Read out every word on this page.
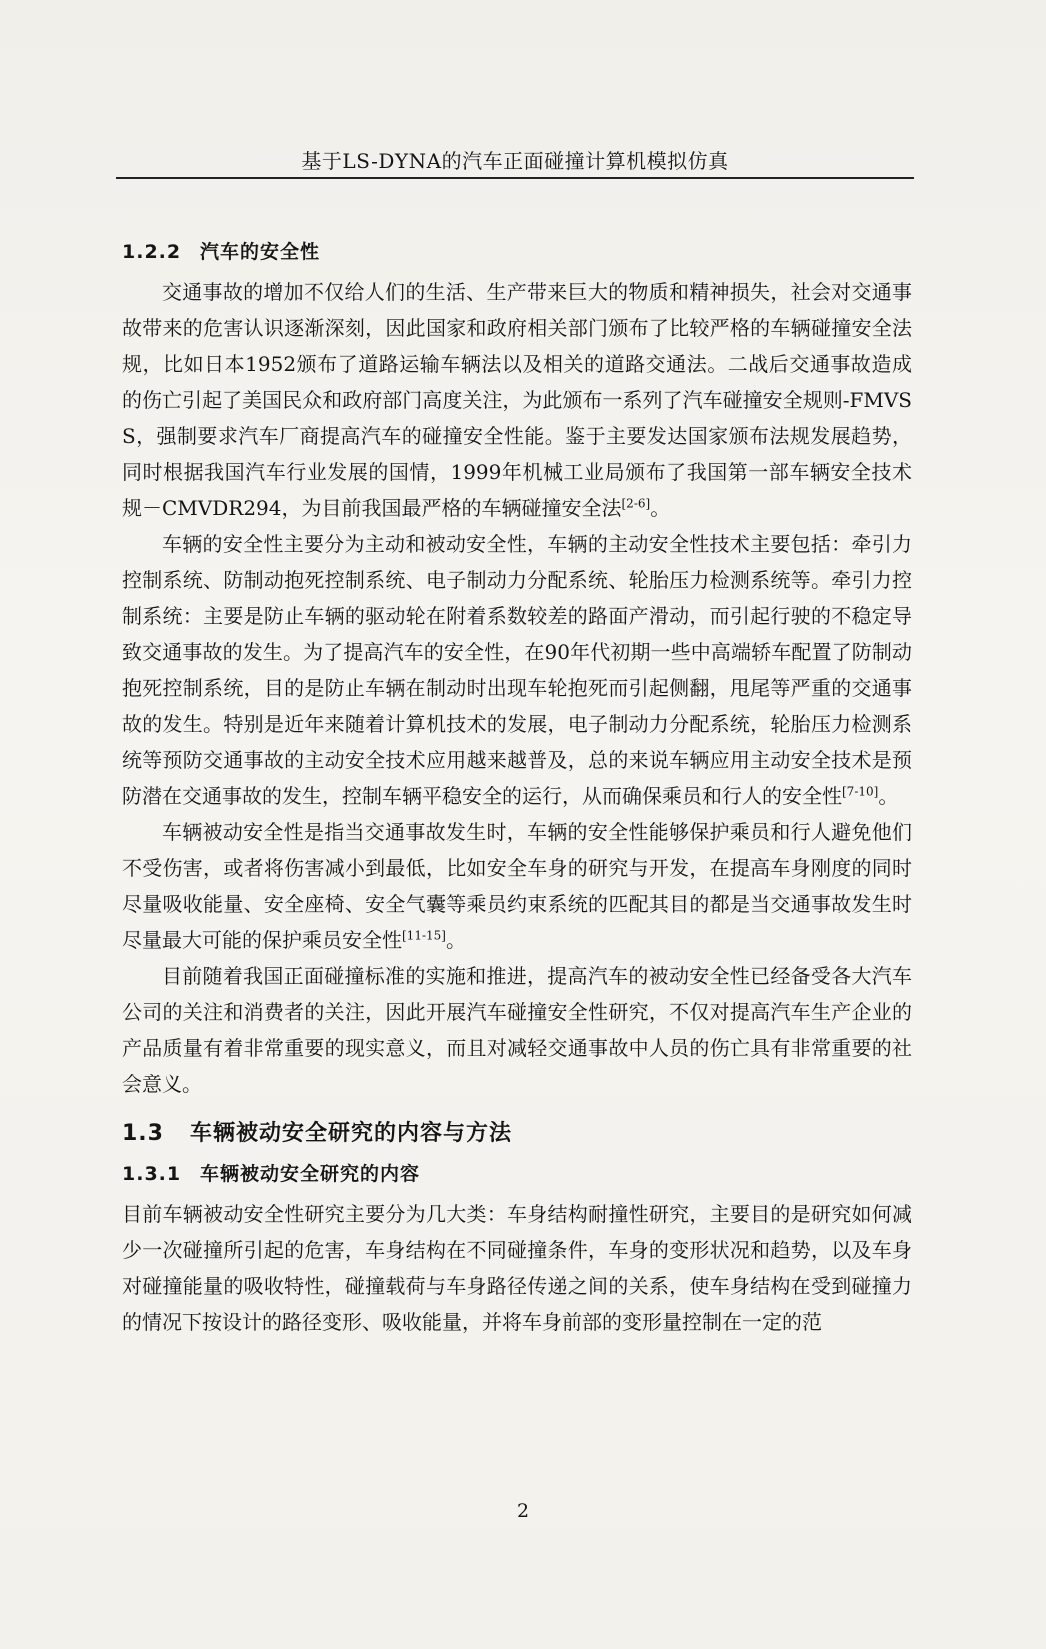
基于LS-DYNA的汽车正面碰撞计算机模拟仿真
1.2.2 汽车的安全性

交通事故的增加不仅给人们的生活、生产带来巨大的物质和精神损失，社会对交通事故带来的危害认识逐渐深刻，因此国家和政府相关部门颁布了比较严格的车辆碰撞安全法规，比如日本1952颁布了道路运输车辆法以及相关的道路交通法。二战后交通事故造成的伤亡引起了美国民众和政府部门高度关注，为此颁布一系列了汽车碰撞安全规则-FMVSS，强制要求汽车厂商提高汽车的碰撞安全性能。鉴于主要发达国家颁布法规发展趋势，同时根据我国汽车行业发展的国情，1999年机械工业局颁布了我国第一部车辆安全技术规－CMVDR294，为目前我国最严格的车辆碰撞安全法[2-6]。

车辆的安全性主要分为主动和被动安全性，车辆的主动安全性技术主要包括：牵引力控制系统、防制动抱死控制系统、电子制动力分配系统、轮胎压力检测系统等。牵引力控制系统：主要是防止车辆的驱动轮在附着系数较差的路面产滑动，而引起行驶的不稳定导致交通事故的发生。为了提高汽车的安全性，在90年代初期一些中高端轿车配置了防制动抱死控制系统，目的是防止车辆在制动时出现车轮抱死而引起侧翻，甩尾等严重的交通事故的发生。特别是近年来随着计算机技术的发展，电子制动力分配系统，轮胎压力检测系统等预防交通事故的主动安全技术应用越来越普及，总的来说车辆应用主动安全技术是预防潜在交通事故的发生，控制车辆平稳安全的运行，从而确保乘员和行人的安全性[7-10]。

车辆被动安全性是指当交通事故发生时，车辆的安全性能够保护乘员和行人避免他们不受伤害，或者将伤害减小到最低，比如安全车身的研究与开发，在提高车身刚度的同时尽量吸收能量、安全座椅、安全气囊等乘员约束系统的匹配其目的都是当交通事故发生时尽量最大可能的保护乘员安全性[11-15]。

目前随着我国正面碰撞标准的实施和推进，提高汽车的被动安全性已经备受各大汽车公司的关注和消费者的关注，因此开展汽车碰撞安全性研究，不仅对提高汽车生产企业的产品质量有着非常重要的现实意义，而且对减轻交通事故中人员的伤亡具有非常重要的社会意义。

1.3 车辆被动安全研究的内容与方法
1.3.1 车辆被动安全研究的内容

目前车辆被动安全性研究主要分为几大类：车身结构耐撞性研究，主要目的是研究如何减少一次碰撞所引起的危害，车身结构在不同碰撞条件，车身的变形状况和趋势，以及车身对碰撞能量的吸收特性，碰撞载荷与车身路径传递之间的关系，使车身结构在受到碰撞力的情况下按设计的路径变形、吸收能量，并将车身前部的变形量控制在一定的范

2
